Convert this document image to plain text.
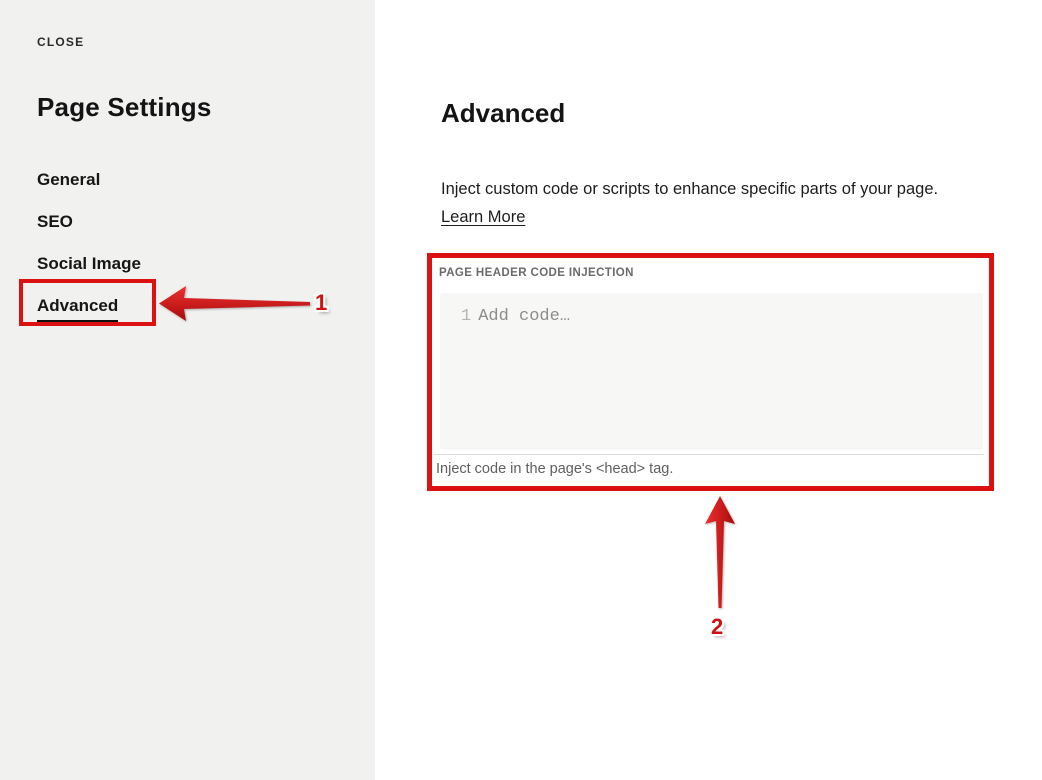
CLOSE
Page Settings
General
SEO
Social Image
Advanced
Advanced

Inject custom code or scripts to enhance specific parts of your page. Learn More

PAGE HEADER CODE INJECTION
1 Add code…
Inject code in the page's <head> tag.
1
2
